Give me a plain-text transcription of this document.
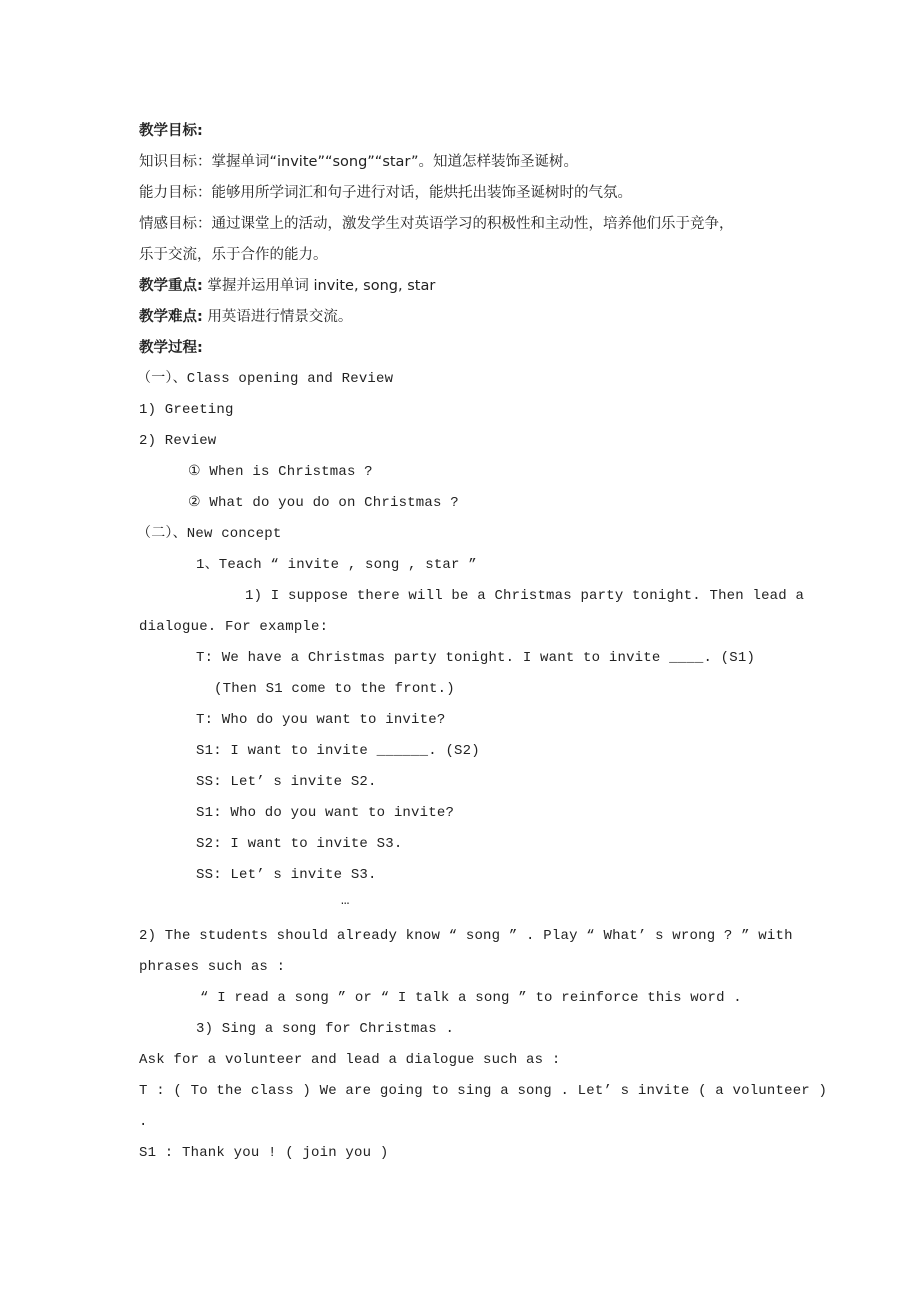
教学目标:
知识目标：掌握单词“invite”“song”“star”。知道怎样装饰圣诞树。
能力目标：能够用所学词汇和句子进行对话，能烘托出装饰圣诞树时的气氛。
情感目标：通过课堂上的活动，激发学生对英语学习的积极性和主动性，培养他们乐于竞争，
乐于交流，乐于合作的能力。
教学重点: 掌握并运用单词 invite, song, star
教学难点: 用英语进行情景交流。
教学过程:
（一）、Class opening and Review
1) Greeting
2) Review
① When is Christmas ?
② What do you do on Christmas ?
（二）、New concept
1、Teach “ invite , song , star ”
1) I suppose there will be a Christmas party tonight. Then lead a
dialogue. For example:
T: We have a Christmas party tonight. I want to invite ____. (S1)
(Then S1 come to the front.)
T: Who do you want to invite?
S1: I want to invite ______. (S2)
SS: Let’ s invite S2.
S1: Who do you want to invite?
S2: I want to invite S3.
SS: Let’ s invite S3.
…
2) The students should already know “ song ” . Play “ What’ s wrong ? ” with
phrases such as :
“ I read a song ” or “ I talk a song ” to reinforce this word .
3) Sing a song for Christmas .
Ask for a volunteer and lead a dialogue such as :
T : ( To the class ) We are going to sing a song . Let’ s invite ( a volunteer )
.
S1 : Thank you ! ( join you )
